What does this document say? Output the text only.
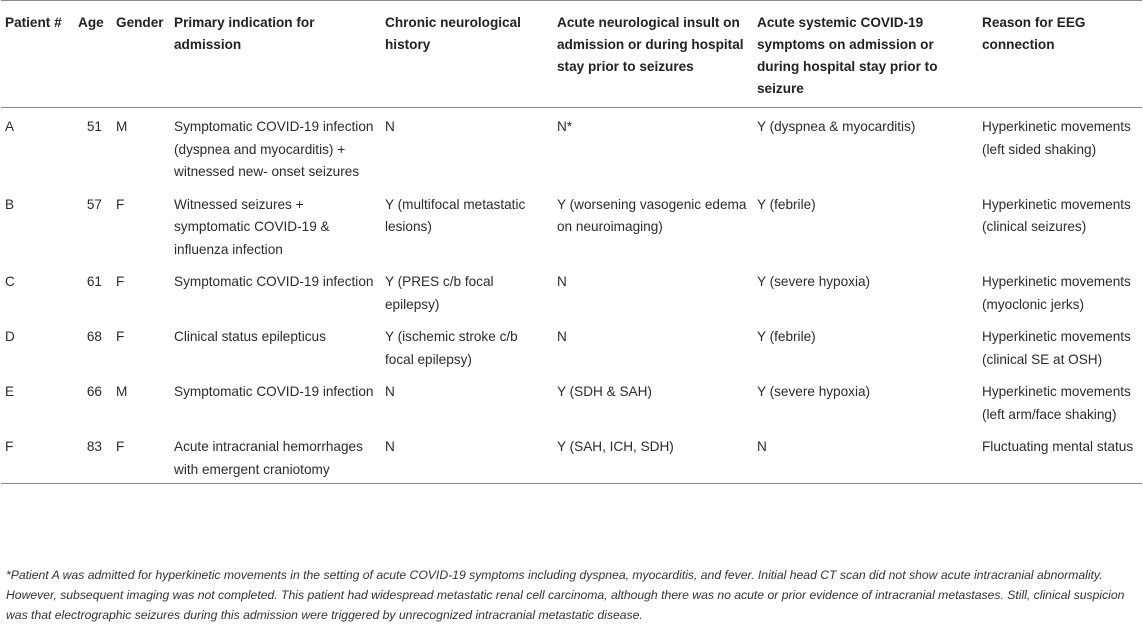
Patient #	Age	Gender	Primary indication for admission	Chronic neurological history	Acute neurological insult on admission or during hospital stay prior to seizures	Acute systemic COVID-19 symptoms on admission or during hospital stay prior to seizure	Reason for EEG connection
A	51	M	Symptomatic COVID-19 infection (dyspnea and myocarditis) + witnessed new- onset seizures	N	N*	Y (dyspnea & myocarditis)	Hyperkinetic movements (left sided shaking)
B	57	F	Witnessed seizures + symptomatic COVID-19 & influenza infection	Y (multifocal metastatic lesions)	Y (worsening vasogenic edema on neuroimaging)	Y (febrile)	Hyperkinetic movements (clinical seizures)
C	61	F	Symptomatic COVID-19 infection	Y (PRES c/b focal epilepsy)	N	Y (severe hypoxia)	Hyperkinetic movements (myoclonic jerks)
D	68	F	Clinical status epilepticus	Y (ischemic stroke c/b focal epilepsy)	N	Y (febrile)	Hyperkinetic movements (clinical SE at OSH)
E	66	M	Symptomatic COVID-19 infection	N	Y (SDH & SAH)	Y (severe hypoxia)	Hyperkinetic movements (left arm/face shaking)
F	83	F	Acute intracranial hemorrhages with emergent craniotomy	N	Y (SAH, ICH, SDH)	N	Fluctuating mental status
*Patient A was admitted for hyperkinetic movements in the setting of acute COVID-19 symptoms including dyspnea, myocarditis, and fever. Initial head CT scan did not show acute intracranial abnormality. However, subsequent imaging was not completed. This patient had widespread metastatic renal cell carcinoma, although there was no acute or prior evidence of intracranial metastases. Still, clinical suspicion was that electrographic seizures during this admission were triggered by unrecognized intracranial metastatic disease.
